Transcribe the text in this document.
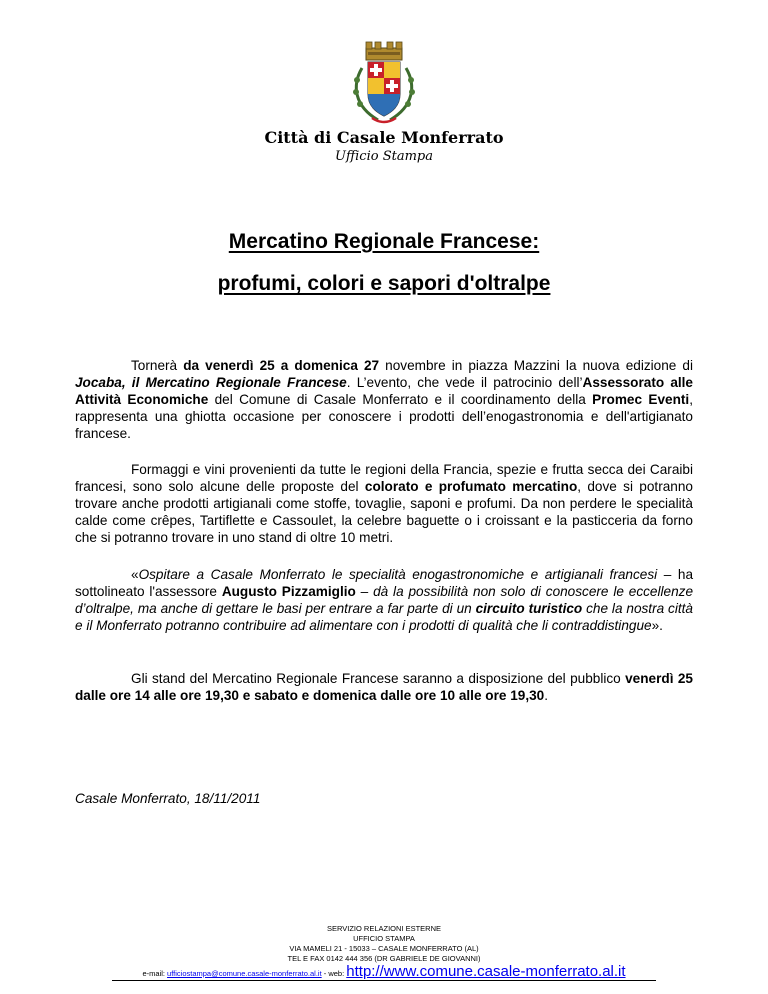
Città di Casale Monferrato
Ufficio Stampa
Mercatino Regionale Francese:
profumi, colori e sapori d'oltralpe
Tornerà da venerdì 25 a domenica 27 novembre in piazza Mazzini la nuova edizione di Jocaba, il Mercatino Regionale Francese. L’evento, che vede il patrocinio dell’Assessorato alle Attività Economiche del Comune di Casale Monferrato e il coordinamento della Promec Eventi, rappresenta una ghiotta occasione per conoscere i prodotti dell’enogastronomia e dell'artigianato francese.
Formaggi e vini provenienti da tutte le regioni della Francia, spezie e frutta secca dei Caraibi francesi, sono solo alcune delle proposte del colorato e profumato mercatino, dove si potranno trovare anche prodotti artigianali come stoffe, tovaglie, saponi e profumi. Da non perdere le specialità calde come crêpes, Tartiflette e Cassoulet, la celebre baguette o i croissant e la pasticceria da forno che si potranno trovare in uno stand di oltre 10 metri.
«Ospitare a Casale Monferrato le specialità enogastronomiche e artigianali francesi – ha sottolineato l'assessore Augusto Pizzamiglio – dà la possibilità non solo di conoscere le eccellenze d’oltralpe, ma anche di gettare le basi per entrare a far parte di un circuito turistico che la nostra città e il Monferrato potranno contribuire ad alimentare con i prodotti di qualità che li contraddistingue».
Gli stand del Mercatino Regionale Francese saranno a disposizione del pubblico venerdì 25 dalle ore 14 alle ore 19,30 e sabato e domenica dalle ore 10 alle ore 19,30.
Casale Monferrato, 18/11/2011
SERVIZIO RELAZIONI ESTERNE
UFFICIO STAMPA
VIA MAMELI 21 - 15033 – CASALE MONFERRATO (AL)
TEL E FAX 0142 444 356 (DR GABRIELE DE GIOVANNI)
e-mail: ufficiostampa@comune.casale-monferrato.al.it - web: http://www.comune.casale-monferrato.al.it
